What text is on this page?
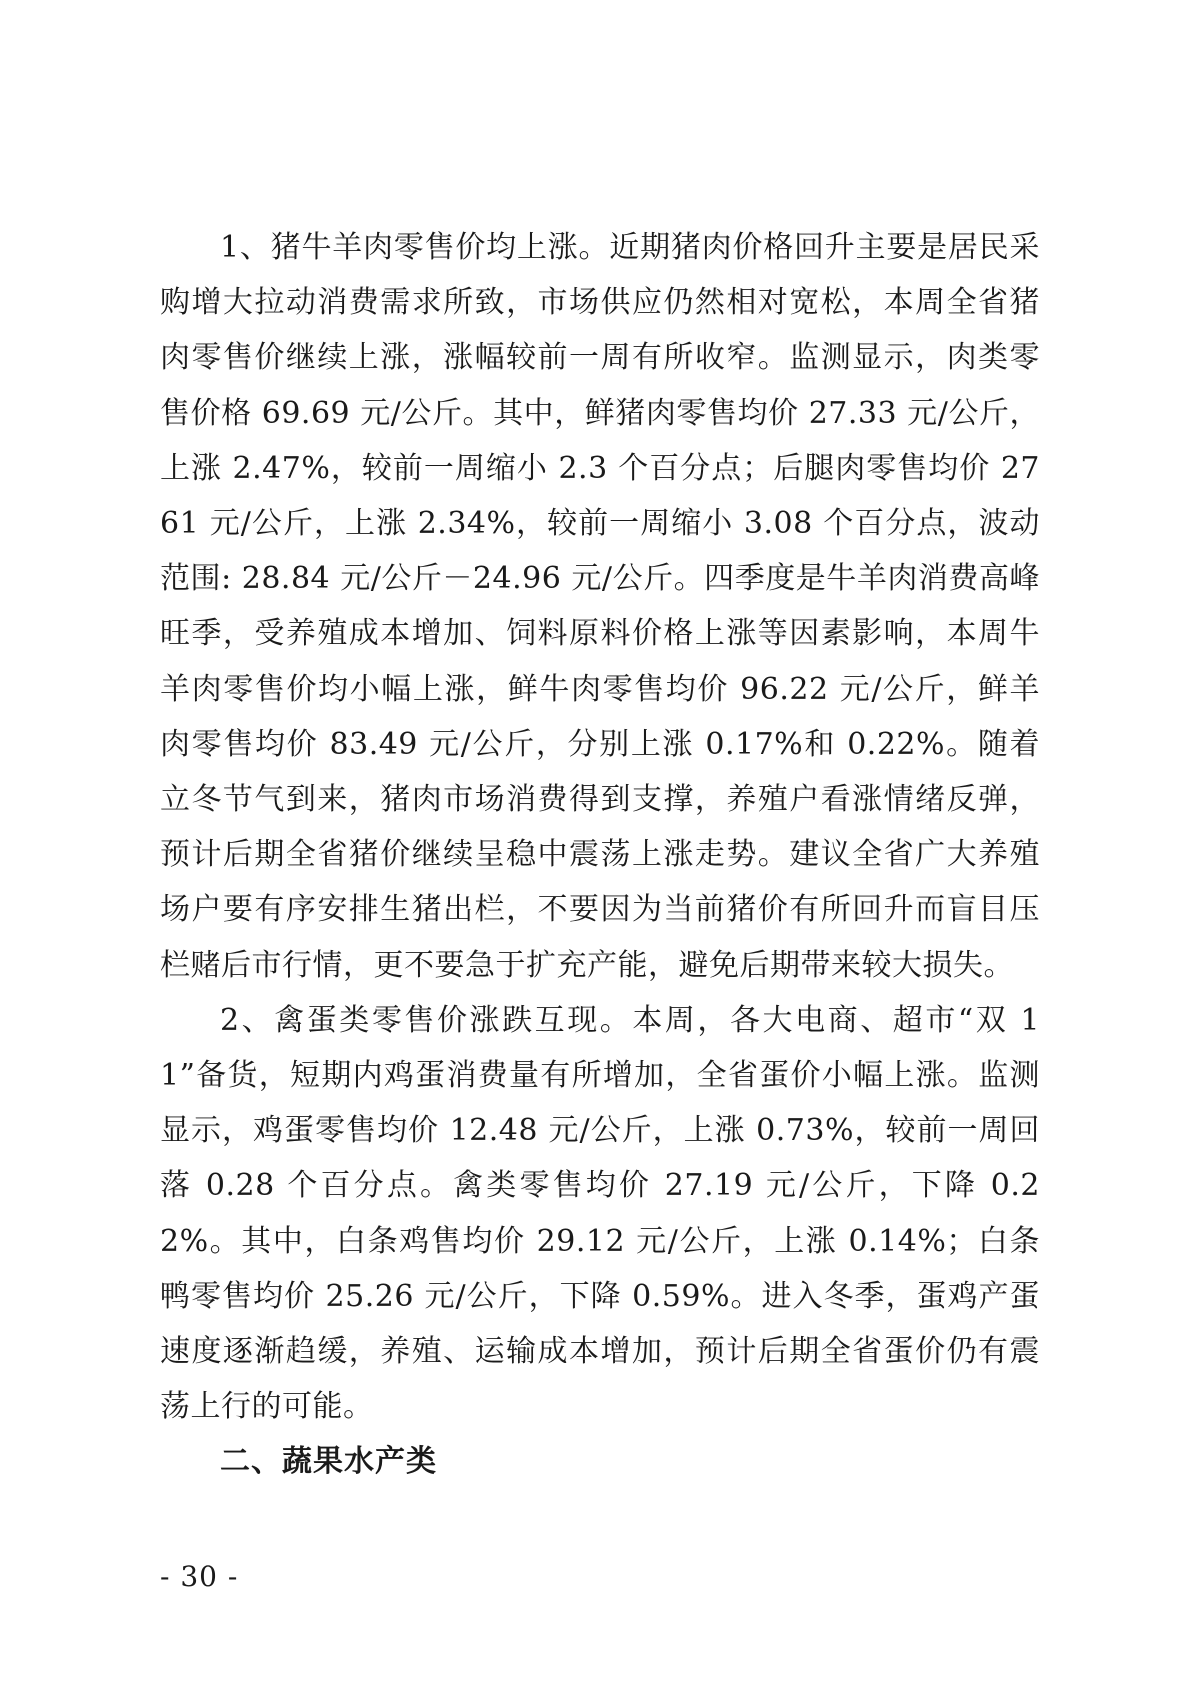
1、猪牛羊肉零售价均上涨。近期猪肉价格回升主要是居民采购增大拉动消费需求所致，市场供应仍然相对宽松，本周全省猪肉零售价继续上涨，涨幅较前一周有所收窄。监测显示，肉类零售价格 69.69 元/公斤。其中，鲜猪肉零售均价 27.33 元/公斤，上涨 2.47%，较前一周缩小 2.3 个百分点；后腿肉零售均价 2761 元/公斤，上涨 2.34%，较前一周缩小 3.08 个百分点，波动范围: 28.84 元/公斤－24.96 元/公斤。四季度是牛羊肉消费高峰旺季，受养殖成本增加、饲料原料价格上涨等因素影响，本周牛羊肉零售价均小幅上涨，鲜牛肉零售均价 96.22 元/公斤，鲜羊肉零售均价 83.49 元/公斤，分别上涨 0.17%和 0.22%。随着立冬节气到来，猪肉市场消费得到支撑，养殖户看涨情绪反弹，预计后期全省猪价继续呈稳中震荡上涨走势。建议全省广大养殖场户要有序安排生猪出栏，不要因为当前猪价有所回升而盲目压栏赌后市行情，更不要急于扩充产能，避免后期带来较大损失。

2、禽蛋类零售价涨跌互现。本周，各大电商、超市“双 11”备货，短期内鸡蛋消费量有所增加，全省蛋价小幅上涨。监测显示，鸡蛋零售均价 12.48 元/公斤，上涨 0.73%，较前一周回落 0.28 个百分点。禽类零售均价 27.19 元/公斤，下降 0.22%。其中，白条鸡售均价 29.12 元/公斤，上涨 0.14%；白条鸭零售均价 25.26 元/公斤，下降 0.59%。进入冬季，蛋鸡产蛋速度逐渐趋缓，养殖、运输成本增加，预计后期全省蛋价仍有震荡上行的可能。

二、蔬果水产类

- 30 -
